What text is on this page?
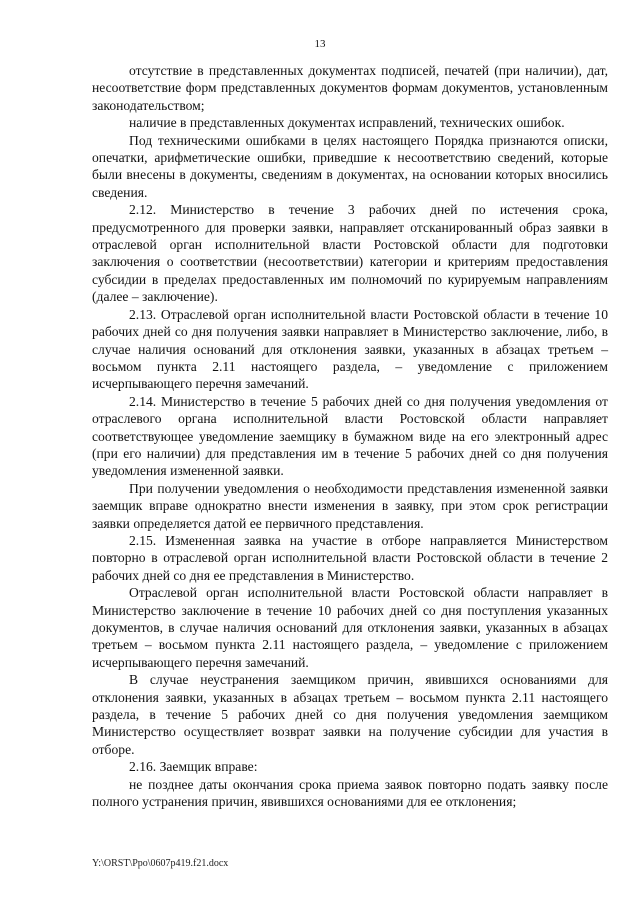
13

отсутствие в представленных документах подписей, печатей (при наличии), дат, несоответствие форм представленных документов формам документов, установленным законодательством;

наличие в представленных документах исправлений, технических ошибок.

Под техническими ошибками в целях настоящего Порядка признаются описки, опечатки, арифметические ошибки, приведшие к несоответствию сведений, которые были внесены в документы, сведениям в документах, на основании которых вносились сведения.

2.12. Министерство в течение 3 рабочих дней по истечения срока, предусмотренного для проверки заявки, направляет отсканированный образ заявки в отраслевой орган исполнительной власти Ростовской области для подготовки заключения о соответствии (несоответствии) категории и критериям предоставления субсидии в пределах предоставленных им полномочий по курируемым направлениям (далее – заключение).

2.13. Отраслевой орган исполнительной власти Ростовской области в течение 10 рабочих дней со дня получения заявки направляет в Министерство заключение, либо, в случае наличия оснований для отклонения заявки, указанных в абзацах третьем – восьмом пункта 2.11 настоящего раздела, – уведомление с приложением исчерпывающего перечня замечаний.

2.14. Министерство в течение 5 рабочих дней со дня получения уведомления от отраслевого органа исполнительной власти Ростовской области направляет соответствующее уведомление заемщику в бумажном виде на его электронный адрес (при его наличии) для представления им в течение 5 рабочих дней со дня получения уведомления измененной заявки.

При получении уведомления о необходимости представления измененной заявки заемщик вправе однократно внести изменения в заявку, при этом срок регистрации заявки определяется датой ее первичного представления.

2.15. Измененная заявка на участие в отборе направляется Министерством повторно в отраслевой орган исполнительной власти Ростовской области в течение 2 рабочих дней со дня ее представления в Министерство.

Отраслевой орган исполнительной власти Ростовской области направляет в Министерство заключение в течение 10 рабочих дней со дня поступления указанных документов, в случае наличия оснований для отклонения заявки, указанных в абзацах третьем – восьмом пункта 2.11 настоящего раздела, – уведомление с приложением исчерпывающего перечня замечаний.

В случае неустранения заемщиком причин, явившихся основаниями для отклонения заявки, указанных в абзацах третьем – восьмом пункта 2.11 настоящего раздела, в течение 5 рабочих дней со дня получения уведомления заемщиком Министерство осуществляет возврат заявки на получение субсидии для участия в отборе.

2.16. Заемщик вправе:

не позднее даты окончания срока приема заявок повторно подать заявку после полного устранения причин, явившихся основаниями для ее отклонения;

Y:\ORST\Ppo\0607p419.f21.docx
